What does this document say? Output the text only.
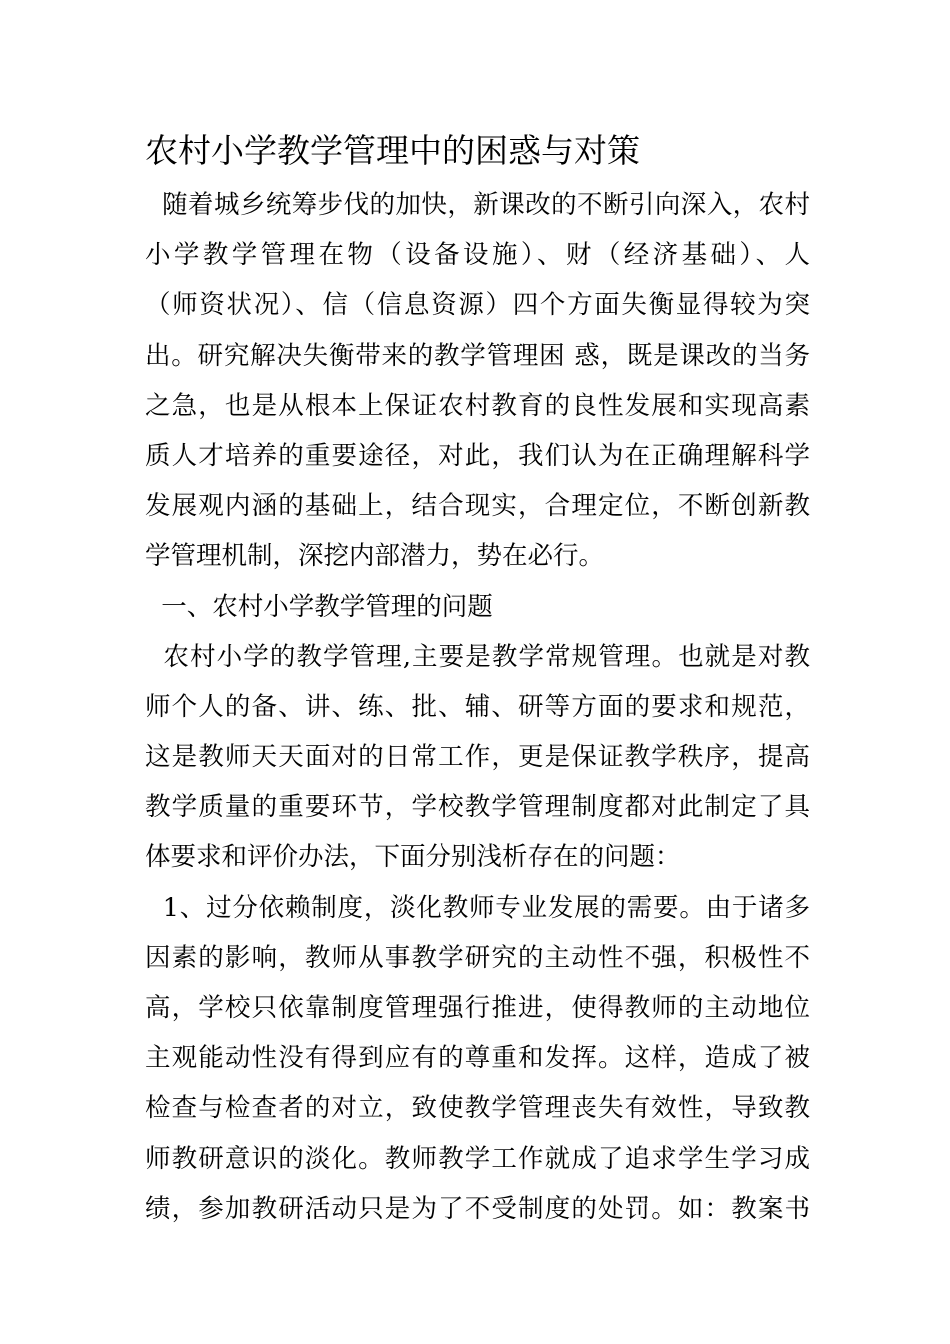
农村小学教学管理中的困惑与对策
随着城乡统筹步伐的加快，新课改的不断引向深入，农村
小学教学管理在物（设备设施）、财（经济基础）、人
（师资状况）、信（信息资源）四个方面失衡显得较为突
出。研究解决失衡带来的教学管理困 惑，既是课改的当务
之急，也是从根本上保证农村教育的良性发展和实现高素
质人才培养的重要途径，对此，我们认为在正确理解科学
发展观内涵的基础上，结合现实，合理定位，不断创新教
学管理机制，深挖内部潜力，势在必行。
一、农村小学教学管理的问题
农村小学的教学管理,主要是教学常规管理。也就是对教
师个人的备、讲、练、批、辅、研等方面的要求和规范，
这是教师天天面对的日常工作，更是保证教学秩序，提高
教学质量的重要环节，学校教学管理制度都对此制定了具
体要求和评价办法，下面分别浅析存在的问题：
1、过分依赖制度，淡化教师专业发展的需要。由于诸多
因素的影响，教师从事教学研究的主动性不强，积极性不
高，学校只依靠制度管理强行推进，使得教师的主动地位
主观能动性没有得到应有的尊重和发挥。这样，造成了被
检查与检查者的对立，致使教学管理丧失有效性，导致教
师教研意识的淡化。教师教学工作就成了追求学生学习成
绩，参加教研活动只是为了不受制度的处罚。如：教案书
